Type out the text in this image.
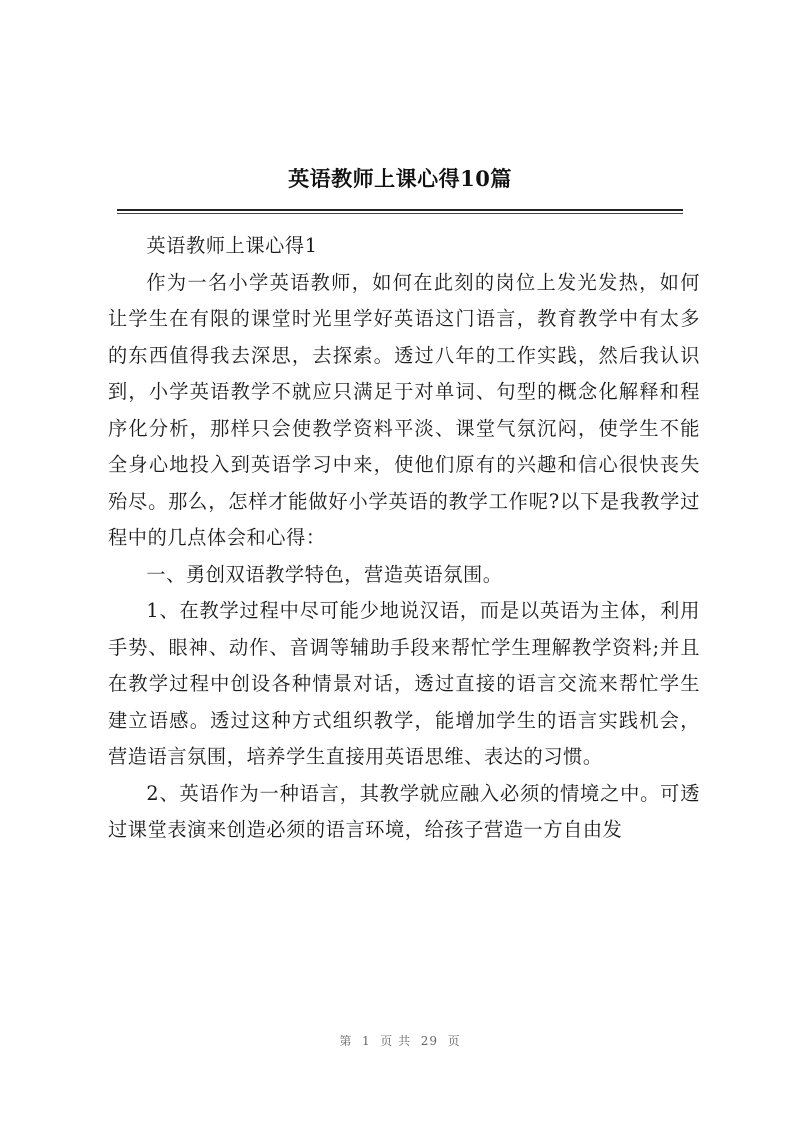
英语教师上课心得10篇

英语教师上课心得1

作为一名小学英语教师，如何在此刻的岗位上发光发热，如何让学生在有限的课堂时光里学好英语这门语言，教育教学中有太多的东西值得我去深思，去探索。透过八年的工作实践，然后我认识到，小学英语教学不就应只满足于对单词、句型的概念化解释和程序化分析，那样只会使教学资料平淡、课堂气氛沉闷，使学生不能全身心地投入到英语学习中来，使他们原有的兴趣和信心很快丧失殆尽。那么，怎样才能做好小学英语的教学工作呢?以下是我教学过程中的几点体会和心得：

一、勇创双语教学特色，营造英语氛围。

1、在教学过程中尽可能少地说汉语，而是以英语为主体，利用手势、眼神、动作、音调等辅助手段来帮忙学生理解教学资料;并且在教学过程中创设各种情景对话，透过直接的语言交流来帮忙学生建立语感。透过这种方式组织教学，能增加学生的语言实践机会，营造语言氛围，培养学生直接用英语思维、表达的习惯。

2、英语作为一种语言，其教学就应融入必须的情境之中。可透过课堂表演来创造必须的语言环境，给孩子营造一方自由发

第  1  页 共  29  页
